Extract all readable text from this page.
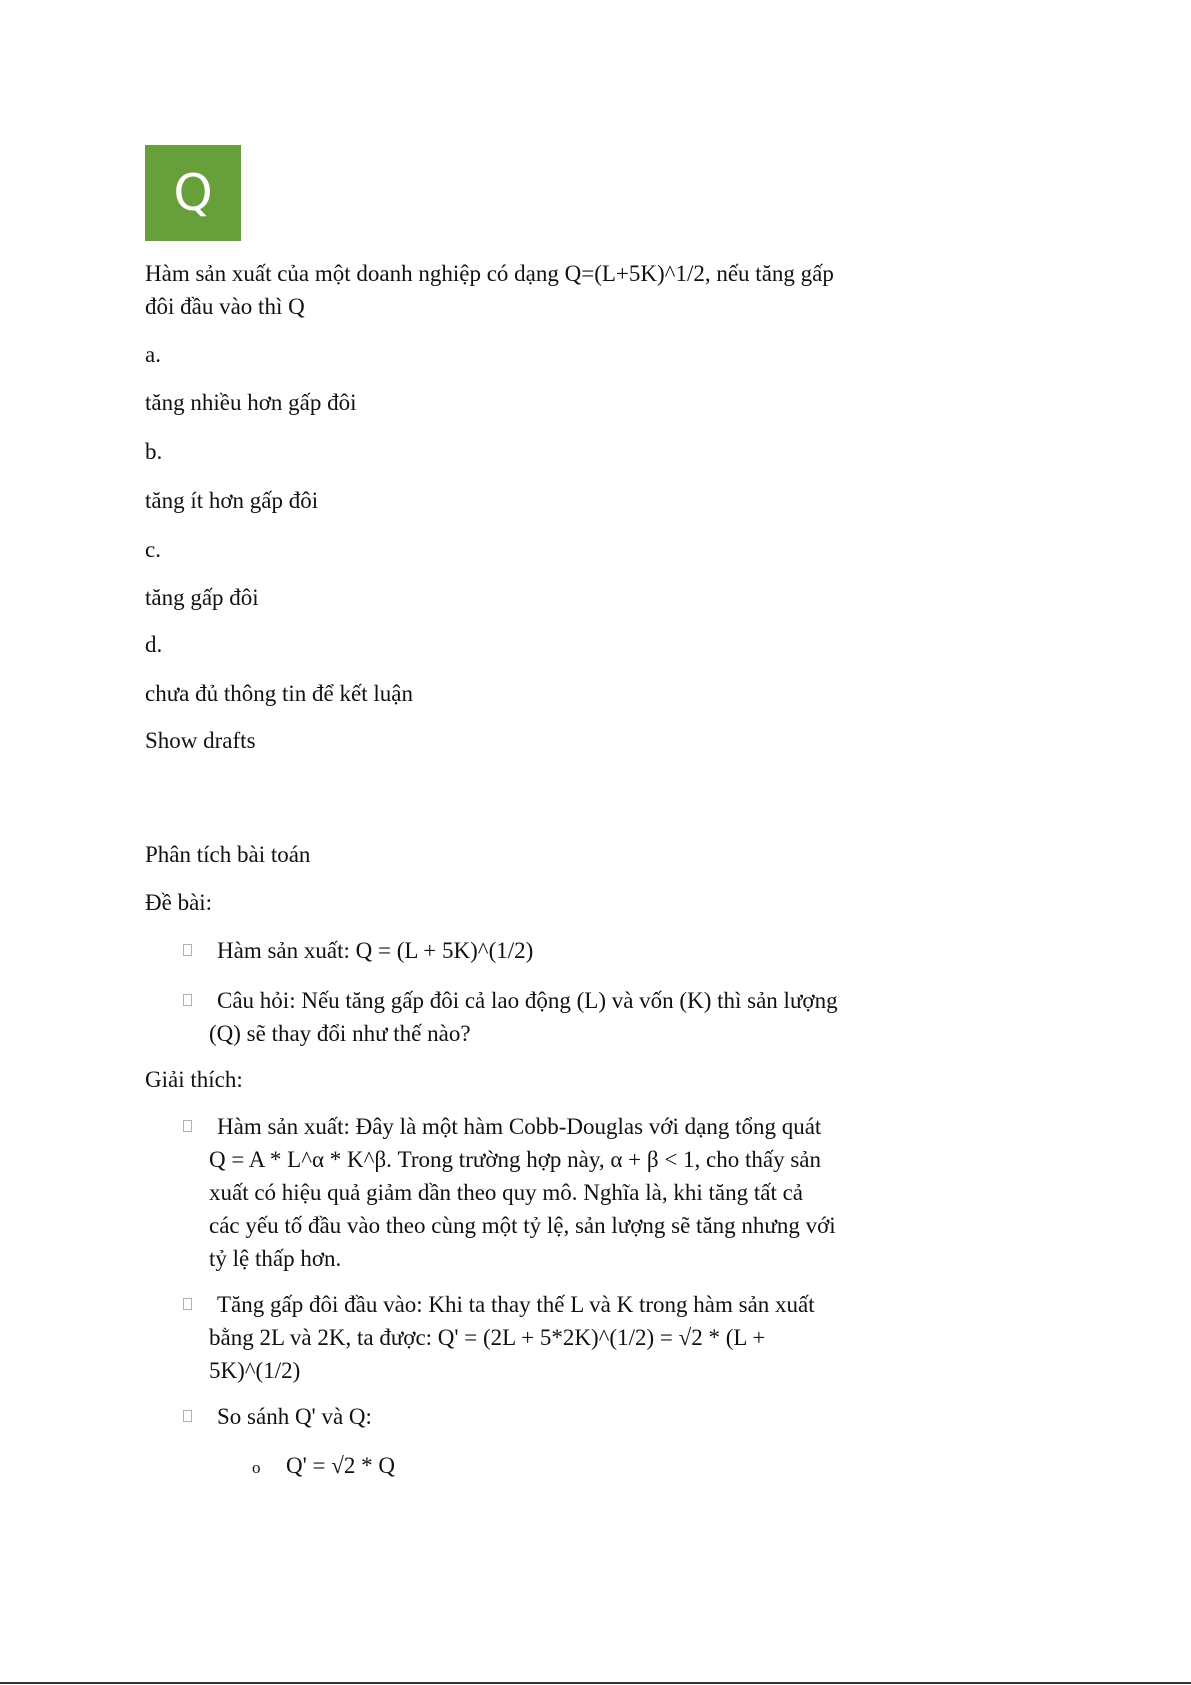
Q
Hàm sản xuất của một doanh nghiệp có dạng Q=(L+5K)^1/2, nếu tăng gấp đôi đầu vào thì Q
a.
tăng nhiều hơn gấp đôi
b.
tăng ít hơn gấp đôi
c.
tăng gấp đôi
d.
chưa đủ thông tin để kết luận
Show drafts
Phân tích bài toán
Đề bài:
Hàm sản xuất: Q = (L + 5K)^(1/2)
Câu hỏi: Nếu tăng gấp đôi cả lao động (L) và vốn (K) thì sản lượng
(Q) sẽ thay đổi như thế nào?
Giải thích:
Hàm sản xuất: Đây là một hàm Cobb-Douglas với dạng tổng quát
Q = A * L^α * K^β. Trong trường hợp này, α + β < 1, cho thấy sản
xuất có hiệu quả giảm dần theo quy mô. Nghĩa là, khi tăng tất cả
các yếu tố đầu vào theo cùng một tỷ lệ, sản lượng sẽ tăng nhưng với
tỷ lệ thấp hơn.
Tăng gấp đôi đầu vào: Khi ta thay thế L và K trong hàm sản xuất
bằng 2L và 2K, ta được: Q' = (2L + 5*2K)^(1/2) = √2 * (L +
5K)^(1/2)
So sánh Q' và Q:
o Q' = √2 * Q
